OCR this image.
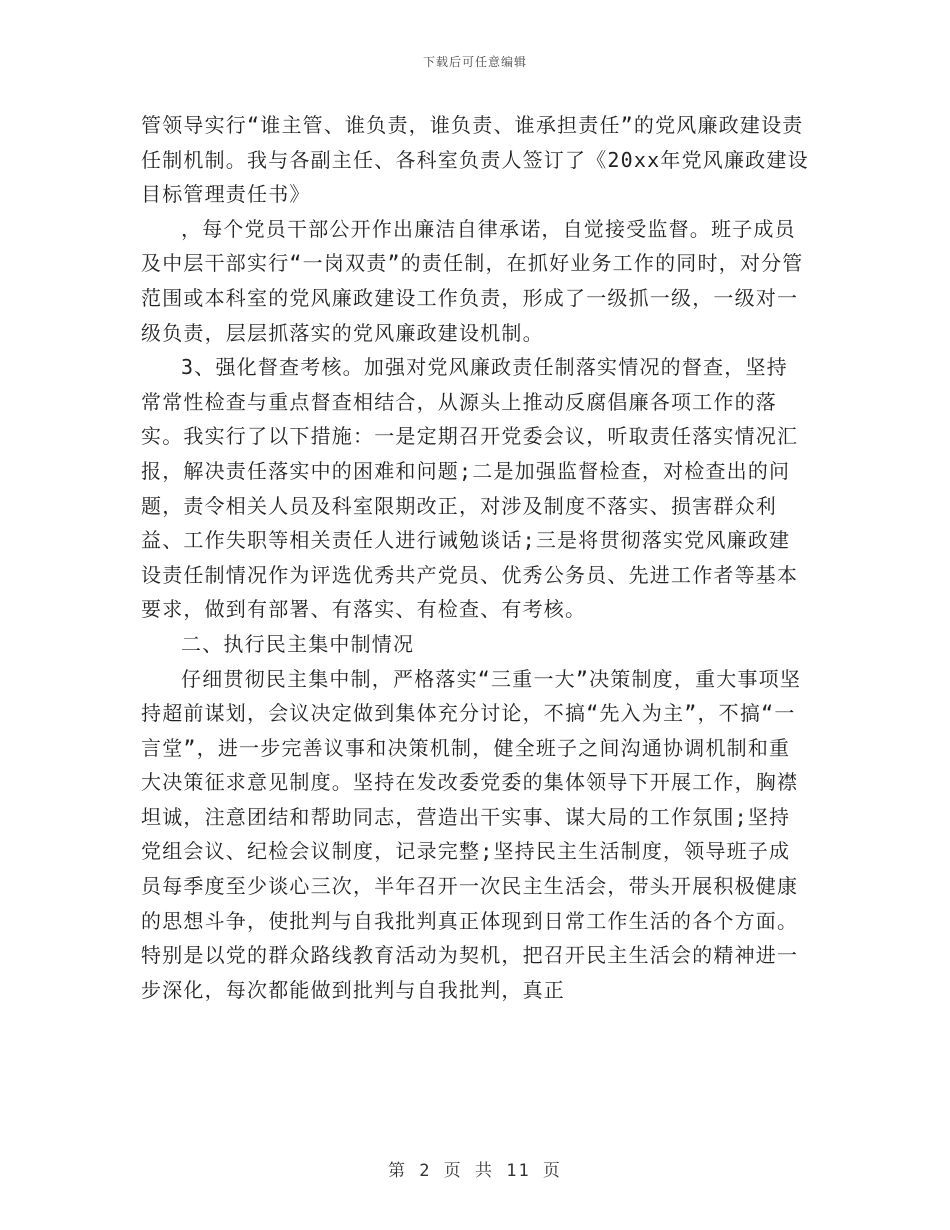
下载后可任意编辑

管领导实行“谁主管、谁负责，谁负责、谁承担责任”的党风廉政建设责任制机制。我与各副主任、各科室负责人签订了《20xx年党风廉政建设目标管理责任书》

，每个党员干部公开作出廉洁自律承诺，自觉接受监督。班子成员及中层干部实行“一岗双责”的责任制，在抓好业务工作的同时，对分管范围或本科室的党风廉政建设工作负责，形成了一级抓一级，一级对一级负责，层层抓落实的党风廉政建设机制。

3、强化督查考核。加强对党风廉政责任制落实情况的督查，坚持常常性检查与重点督查相结合，从源头上推动反腐倡廉各项工作的落实。我实行了以下措施：一是定期召开党委会议，听取责任落实情况汇报，解决责任落实中的困难和问题;二是加强监督检查，对检查出的问题，责令相关人员及科室限期改正，对涉及制度不落实、损害群众利益、工作失职等相关责任人进行诫勉谈话;三是将贯彻落实党风廉政建设责任制情况作为评选优秀共产党员、优秀公务员、先进工作者等基本要求，做到有部署、有落实、有检查、有考核。

二、执行民主集中制情况

仔细贯彻民主集中制，严格落实“三重一大”决策制度，重大事项坚持超前谋划，会议决定做到集体充分讨论，不搞“先入为主”，不搞“一言堂”，进一步完善议事和决策机制，健全班子之间沟通协调机制和重大决策征求意见制度。坚持在发改委党委的集体领导下开展工作，胸襟坦诚，注意团结和帮助同志，营造出干实事、谋大局的工作氛围;坚持党组会议、纪检会议制度，记录完整;坚持民主生活制度，领导班子成员每季度至少谈心三次，半年召开一次民主生活会，带头开展积极健康的思想斗争，使批判与自我批判真正体现到日常工作生活的各个方面。特别是以党的群众路线教育活动为契机，把召开民主生活会的精神进一步深化，每次都能做到批判与自我批判，真正

第 2 页 共 11 页
